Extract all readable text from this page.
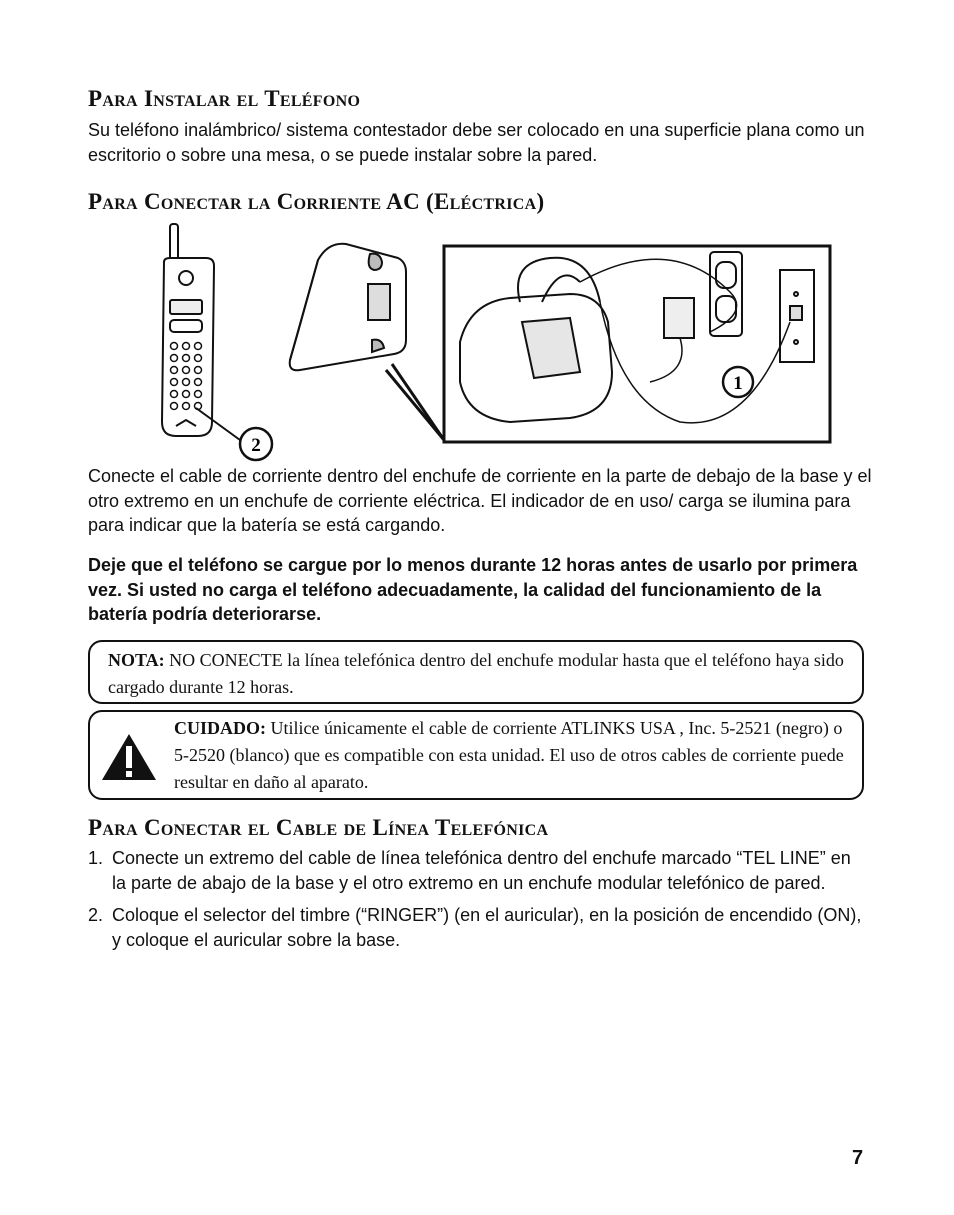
Para Instalar el Teléfono

Su teléfono inalámbrico/ sistema contestador debe ser colocado en una superficie plana como un escritorio o sobre una mesa, o se puede instalar sobre la pared.

Para Conectar la Corriente AC (Eléctrica)
2
1

Conecte el cable de corriente dentro del enchufe de corriente en la parte de debajo de la base y el otro extremo en un enchufe de corriente eléctrica. El indicador de en uso/ carga se ilumina para para indicar que la batería se está cargando.

Deje que el teléfono se cargue por lo menos durante 12 horas antes de usarlo por primera vez. Si usted no carga el teléfono adecuadamente, la calidad del funcionamiento de la batería podría deteriorarse.

NOTA: NO CONECTE la línea telefónica dentro del enchufe modular hasta que el teléfono haya sido cargado durante 12 horas.
CUIDADO: Utilice únicamente el cable de corriente ATLINKS USA , Inc. 5-2521 (negro) o 5-2520 (blanco) que es compatible con esta unidad. El uso de otros cables de corriente puede resultar en daño al aparato.
Para Conectar el Cable de Línea Telefónica
1. Conecte un extremo del cable de línea telefónica dentro del enchufe marcado “TEL LINE” en la parte de abajo de la base y el otro extremo en un enchufe modular telefónico de pared.
2. Coloque el selector del timbre (“RINGER”) (en el auricular), en la posición de encendido (ON), y coloque el auricular sobre la base.
7
